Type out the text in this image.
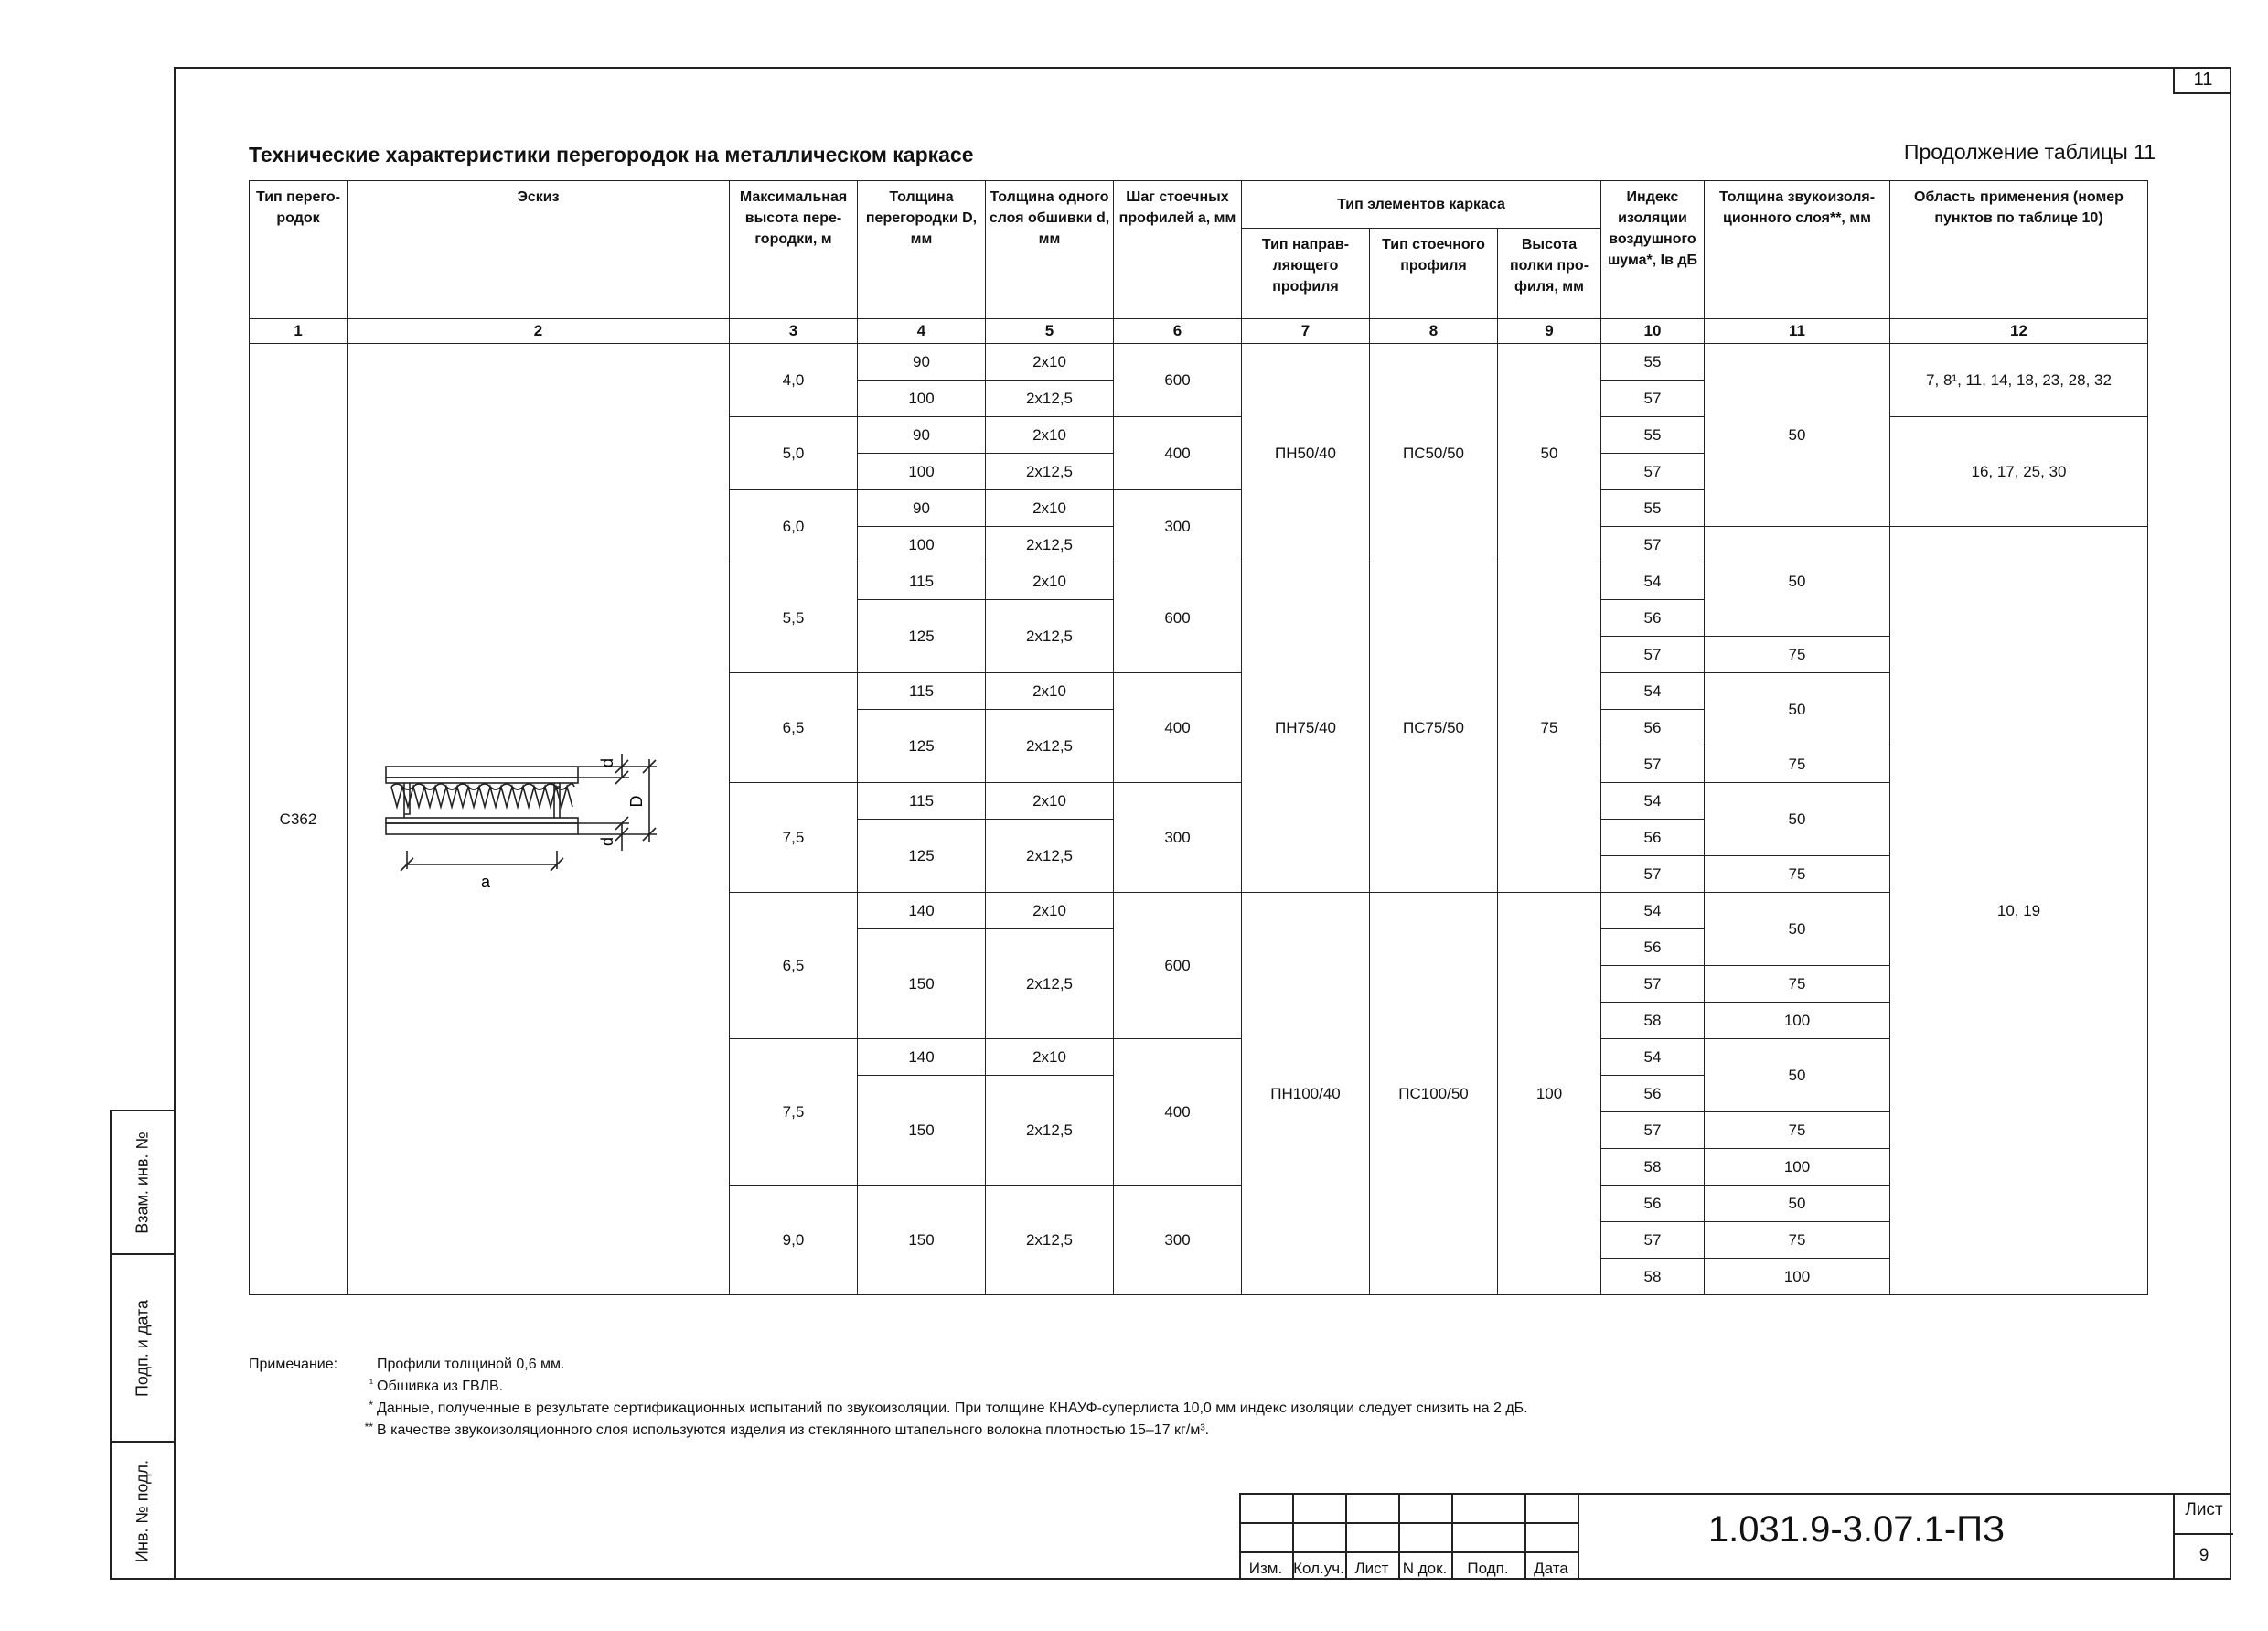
11
Взам. инв. №
Подп. и дата
Инв. № подл.
Технические характеристики перегородок на металлическом каркасе	Продолжение таблицы 11
Тип перего-родок	Эскиз	Максимальная высота пере-городки, м	Толщина перегородки D, мм	Толщина одного слоя обшивки d, мм	Шаг стоечных профилей a, мм	Тип элементов каркаса			Индекс изоляции воздушного шума*, Iв дБ	Толщина звукоизоля-ционного слоя**, мм	Область применения (номер пунктов по таблице 10)
						Тип направ-ляющего профиля	Тип стоечного профиля	Высота полки про-филя, мм			
1	2	3	4	5	6	7	8	9	10	11	12
С362		4,0	90	2х10	600	ПН50/40	ПС50/50	50	55	50	7, 8¹, 11, 14, 18, 23, 28, 32
			100	2х12,5					57		
		5,0	90	2х10	400				55		16, 17, 25, 30
			100	2х12,5					57		
		6,0	90	2х10	300				55		
			100	2х12,5					57	50	10, 19
		5,5	115	2х10	600	ПН75/40	ПС75/50	75	54		
			125	2х12,5					56		
									57	75	
		6,5	115	2х10	400				54	50	
			125	2х12,5					56		
									57	75	
		7,5	115	2х10	300				54	50	
			125	2х12,5					56		
									57	75	
		6,5	140	2х10	600	ПН100/40	ПС100/50	100	54	50	
			150	2х12,5					56		
									57	75	
									58	100	
		7,5	140	2х10	400				54	50	
			150	2х12,5					56		
									57	75	
									58	100	
		9,0	150	2х12,5	300				56	50	
									57	75	
									58	100	
a
d
D
d
Примечание:	Профили толщиной 0,6 мм.
¹ Обшивка из ГВЛВ.
* Данные, полученные в результате сертификационных испытаний по звукоизоляции. При толщине КНАУФ-суперлиста 10,0 мм индекс изоляции следует снизить на 2 дБ.
** В качестве звукоизоляционного слоя используются изделия из стеклянного штапельного волокна плотностью 15–17 кг/м³.
Изм. Кол.уч. Лист N док.	Подп.	Дата
1.031.9-3.07.1-ПЗ	Лист
9
